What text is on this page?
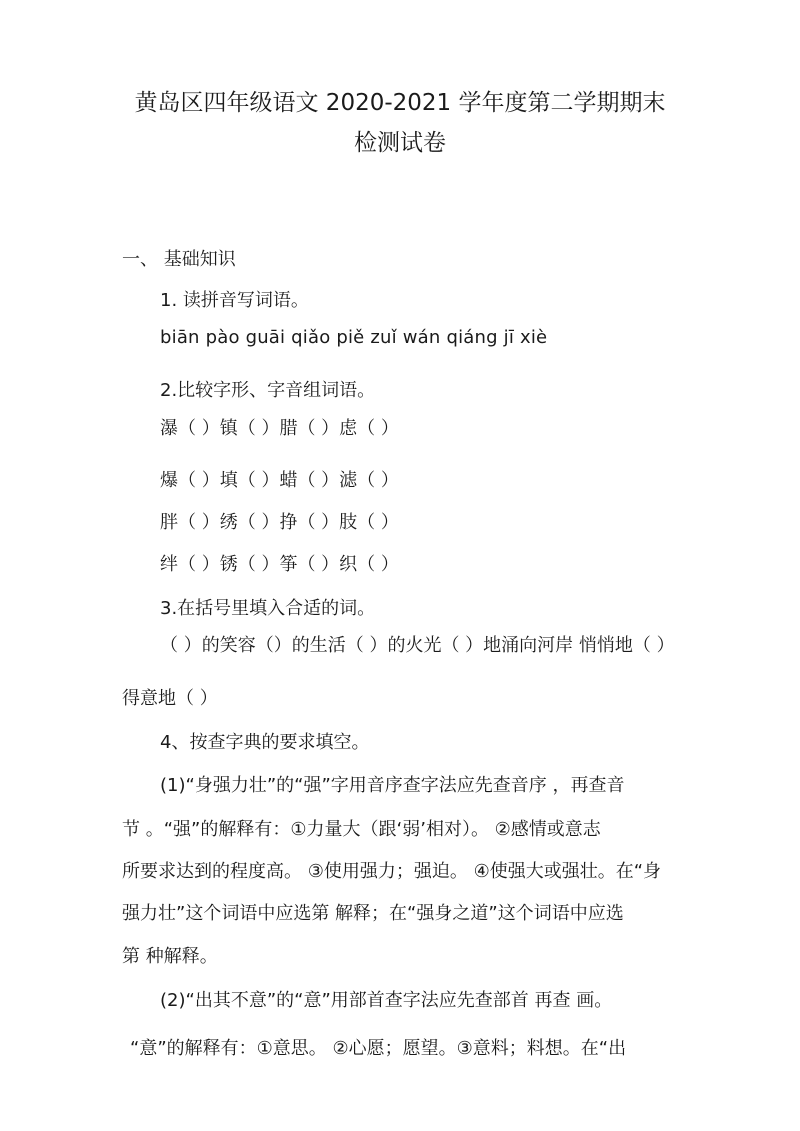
黄岛区四年级语文 2020-2021 学年度第二学期期末
检测试卷
一、 基础知识
1. 读拼音写词语。
biān pào guāi qiǎo piě zuǐ wán qiáng jī xiè
2.比较字形、字音组词语。
瀑（ ）镇（ ）腊（ ）虑（ ）
爆（ ）填（ ）蜡（ ）滤（ ）
胖（ ）绣（ ）挣（ ）肢（ ）
绊（ ）锈（ ）筝（ ）织（ ）
3.在括号里填入合适的词。
（ ）的笑容（）的生活（ ）的火光（ ）地涌向河岸 悄悄地（ ）
得意地（ ）
4、按查字典的要求填空。
(1)“身强力壮”的“强”字用音序查字法应先查音序 ，再查音
节 。“强”的解释有：①力量大（跟‘弱’相对）。 ②感情或意志
所要求达到的程度高。 ③使用强力；强迫。 ④使强大或强壮。在“身
强力壮”这个词语中应选第 解释；在“强身之道”这个词语中应选
第 种解释。
(2)“出其不意”的“意”用部首查字法应先查部首 再查 画。
“意”的解释有：①意思。 ②心愿；愿望。③意料；料想。在“出
